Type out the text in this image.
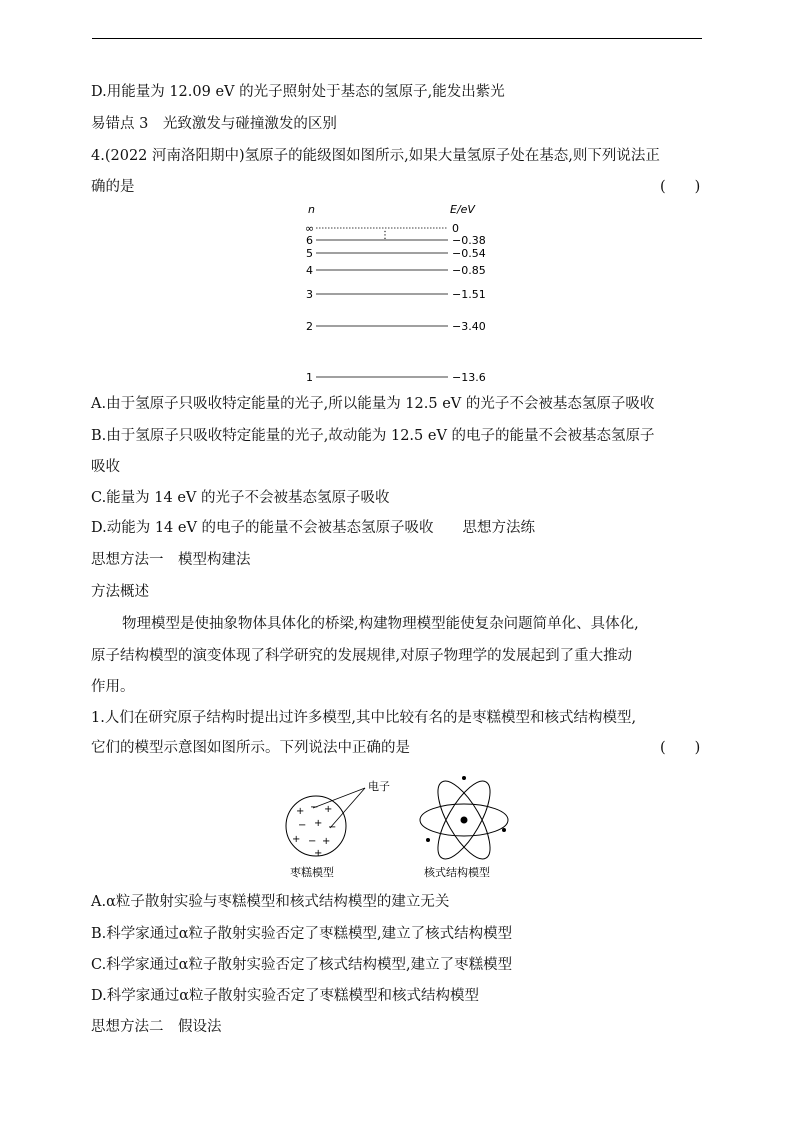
D.用能量为 12.09 eV 的光子照射处于基态的氢原子,能发出紫光
易错点 3　光致激发与碰撞激发的区别
4.(2022 河南洛阳期中)氢原子的能级图如图所示,如果大量氢原子处在基态,则下列说法正
确的是	(　　)
n	E/eV
⋮
∞
6
5
4
3
2
1
0
−0.38
−0.54
−0.85
−1.51
−3.40
−13.6
A.由于氢原子只吸收特定能量的光子,所以能量为 12.5 eV 的光子不会被基态氢原子吸收
B.由于氢原子只吸收特定能量的光子,故动能为 12.5 eV 的电子的能量不会被基态氢原子
吸收
C.能量为 14 eV 的光子不会被基态氢原子吸收
D.动能为 14 eV 的电子的能量不会被基态氢原子吸收　　思想方法练
思想方法一　模型构建法
方法概述
物理模型是使抽象物体具体化的桥梁,构建物理模型能使复杂问题简单化、具体化,
原子结构模型的演变体现了科学研究的发展规律,对原子物理学的发展起到了重大推动
作用。
1.人们在研究原子结构时提出过许多模型,其中比较有名的是枣糕模型和核式结构模型,
它们的模型示意图如图所示。下列说法中正确的是	(　　)
+ − +
− + −
+ − +
+
电子
枣糕模型	核式结构模型
A.α粒子散射实验与枣糕模型和核式结构模型的建立无关
B.科学家通过α粒子散射实验否定了枣糕模型,建立了核式结构模型
C.科学家通过α粒子散射实验否定了核式结构模型,建立了枣糕模型
D.科学家通过α粒子散射实验否定了枣糕模型和核式结构模型
思想方法二　假设法
